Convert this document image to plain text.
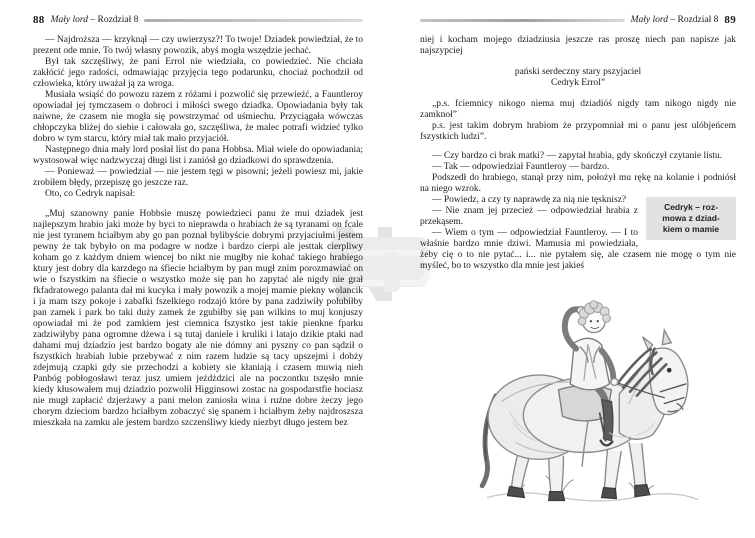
88 Mały lord – Rozdział 8

— Najdroższa — krzyknął — czy uwierzysz?! To twoje! Dziadek powiedział, że to prezent ode mnie. To twój własny powozik, abyś mogła wszędzie jechać.

Był tak szczęśliwy, że pani Errol nie wiedziała, co powiedzieć. Nie chciała zakłócić jego radości, odmawiając przyjęcia tego podarunku, chociaż pochodził od człowieka, który uważał ją za wroga.

Musiała wsiąść do powozu razem z różami i pozwolić się przewieźć, a Fauntleroy opowiadał jej tymczasem o dobroci i miłości swego dziadka. Opowiadania były tak naiwne, że czasem nie mogła się powstrzymać od uśmiechu. Przyciągała wówczas chłopczyka bliżej do siebie i całowała go, szczęśliwa, że malec potrafi widzieć tylko dobro w tym starcu, który miał tak mało przyjaciół.

Następnego dnia mały lord posłał list do pana Hobbsa. Miał wiele do opowiadania; wystosował więc nadzwyczaj długi list i zaniósł go dziadkowi do sprawdzenia.

— Ponieważ — powiedział — nie jestem tęgi w pisowni; jeżeli powiesz mi, jakie zrobiłem błędy, przepiszę go jeszcze raz.

Oto, co Cedryk napisał:

„Muj szanowny panie Hobbsie muszę powiedzieci panu że mui dziadek jest najlepszym hrabio jaki może by byci to nieprawda o hrabiach że są tyranami on fcale nie jest tyranem hciałbym aby go pan poznał bylibyście dobrymi przyjaciułmi jestem pewny że tak bybyło on ma podagre w nodze i bardzo cierpi ale jesttak cierpliwy koham go z każdym dniem wiencej bo nikt nie mugłby nie kohać takiego hrabiego ktury jest dobry dla karzdego na śfiecie hciałbym by pan mugł znim porozmawiać on wie o fszystkim na śfiecie o wszystko może się pan ho zapytać ale nigdy nie grał fkfadratowego palanta dał mi kucyka i mały powozik a mojej mamie piekny wolancik i ja mam tszy pokoje i zabafki fszelkiego rodzajó które by pana zadziwiły polubiłby pan zamek i park bo taki duży zamek że zgubiłby się pan wilkins to muj konjuszy opowiadał mi że pod zamkiem jest ciemnica fszystko jest takie pienkne fparku zadziwiłyby pana ogromne dżewa i są tutaj daniele i kruliki i latajo dzikie ptaki nad dahami muj dziadzio jest bardzo bogaty ale nie dómny ani pyszny co pan sądził o fszystkich hrabiah lubie przebywać z nim razem ludzie są tacy upszejmi i dobży zdejmują czapki gdy sie przechodzi a kobiety sie kłaniają i czasem muwią nieh Panbóg pobłogosławi teraz jusz umiem jeźdżdzici ale na poczontku tszęsło mnie kiedy kłusowałem muj dziadzio pozwolił Higginsowi zostac na gospodarstfie hociasz nie mugł zapłacić dzjerżawy a pani melon zaniosła wina i ruźne dobre żeczy jego chorym dzieciom bardzo hciałbym zobaczyć się spanem i hciałbym żeby najdroszsza mieszkała na zamku ale jestem bardzo szczenśliwy kiedy niezbyt długo jestem bez

Mały lord – Rozdział 8 89

niej i kocham mojego dziadziusia jeszcze ras proszę niech pan napisze jak najszypciej

pański serdeczny stary pszyjaciel
Cedryk Errol”

„p.s. fciemnicy nikogo niema muj dziadióś nigdy tam nikogo nigdy nie zamknoł”

p.s. jest takim dobrym hrabiom że przypomniał mi o panu jest ulóbjeńcem fszystkich ludzi”.

— Czy bardzo ci brak matki? — zapytał hrabia, gdy skończył czytanie listu.

— Tak — odpowiedział Fauntleroy — bardzo.

Podszedł do hrabiego, stanął przy nim, położył mu rękę na kolanie i podniósł na niego wzrok.

Cedryk – roz-
mowa z dziad-
kiem o mamie

— Powiedz, a czy ty naprawdę za nią nie tęsknisz?

— Nie znam jej przecież — odpowiedział hrabia z przekąsem.

— Wiem o tym — odpowiedział Fauntleroy. — I to właśnie bardzo mnie dziwi. Mamusia mi powiedziała, żeby cię o to nie pytać... i... nie pytałem się, ale czasem nie mogę o tym nie myśleć, bo to wszystko dla mnie jest jakieś
